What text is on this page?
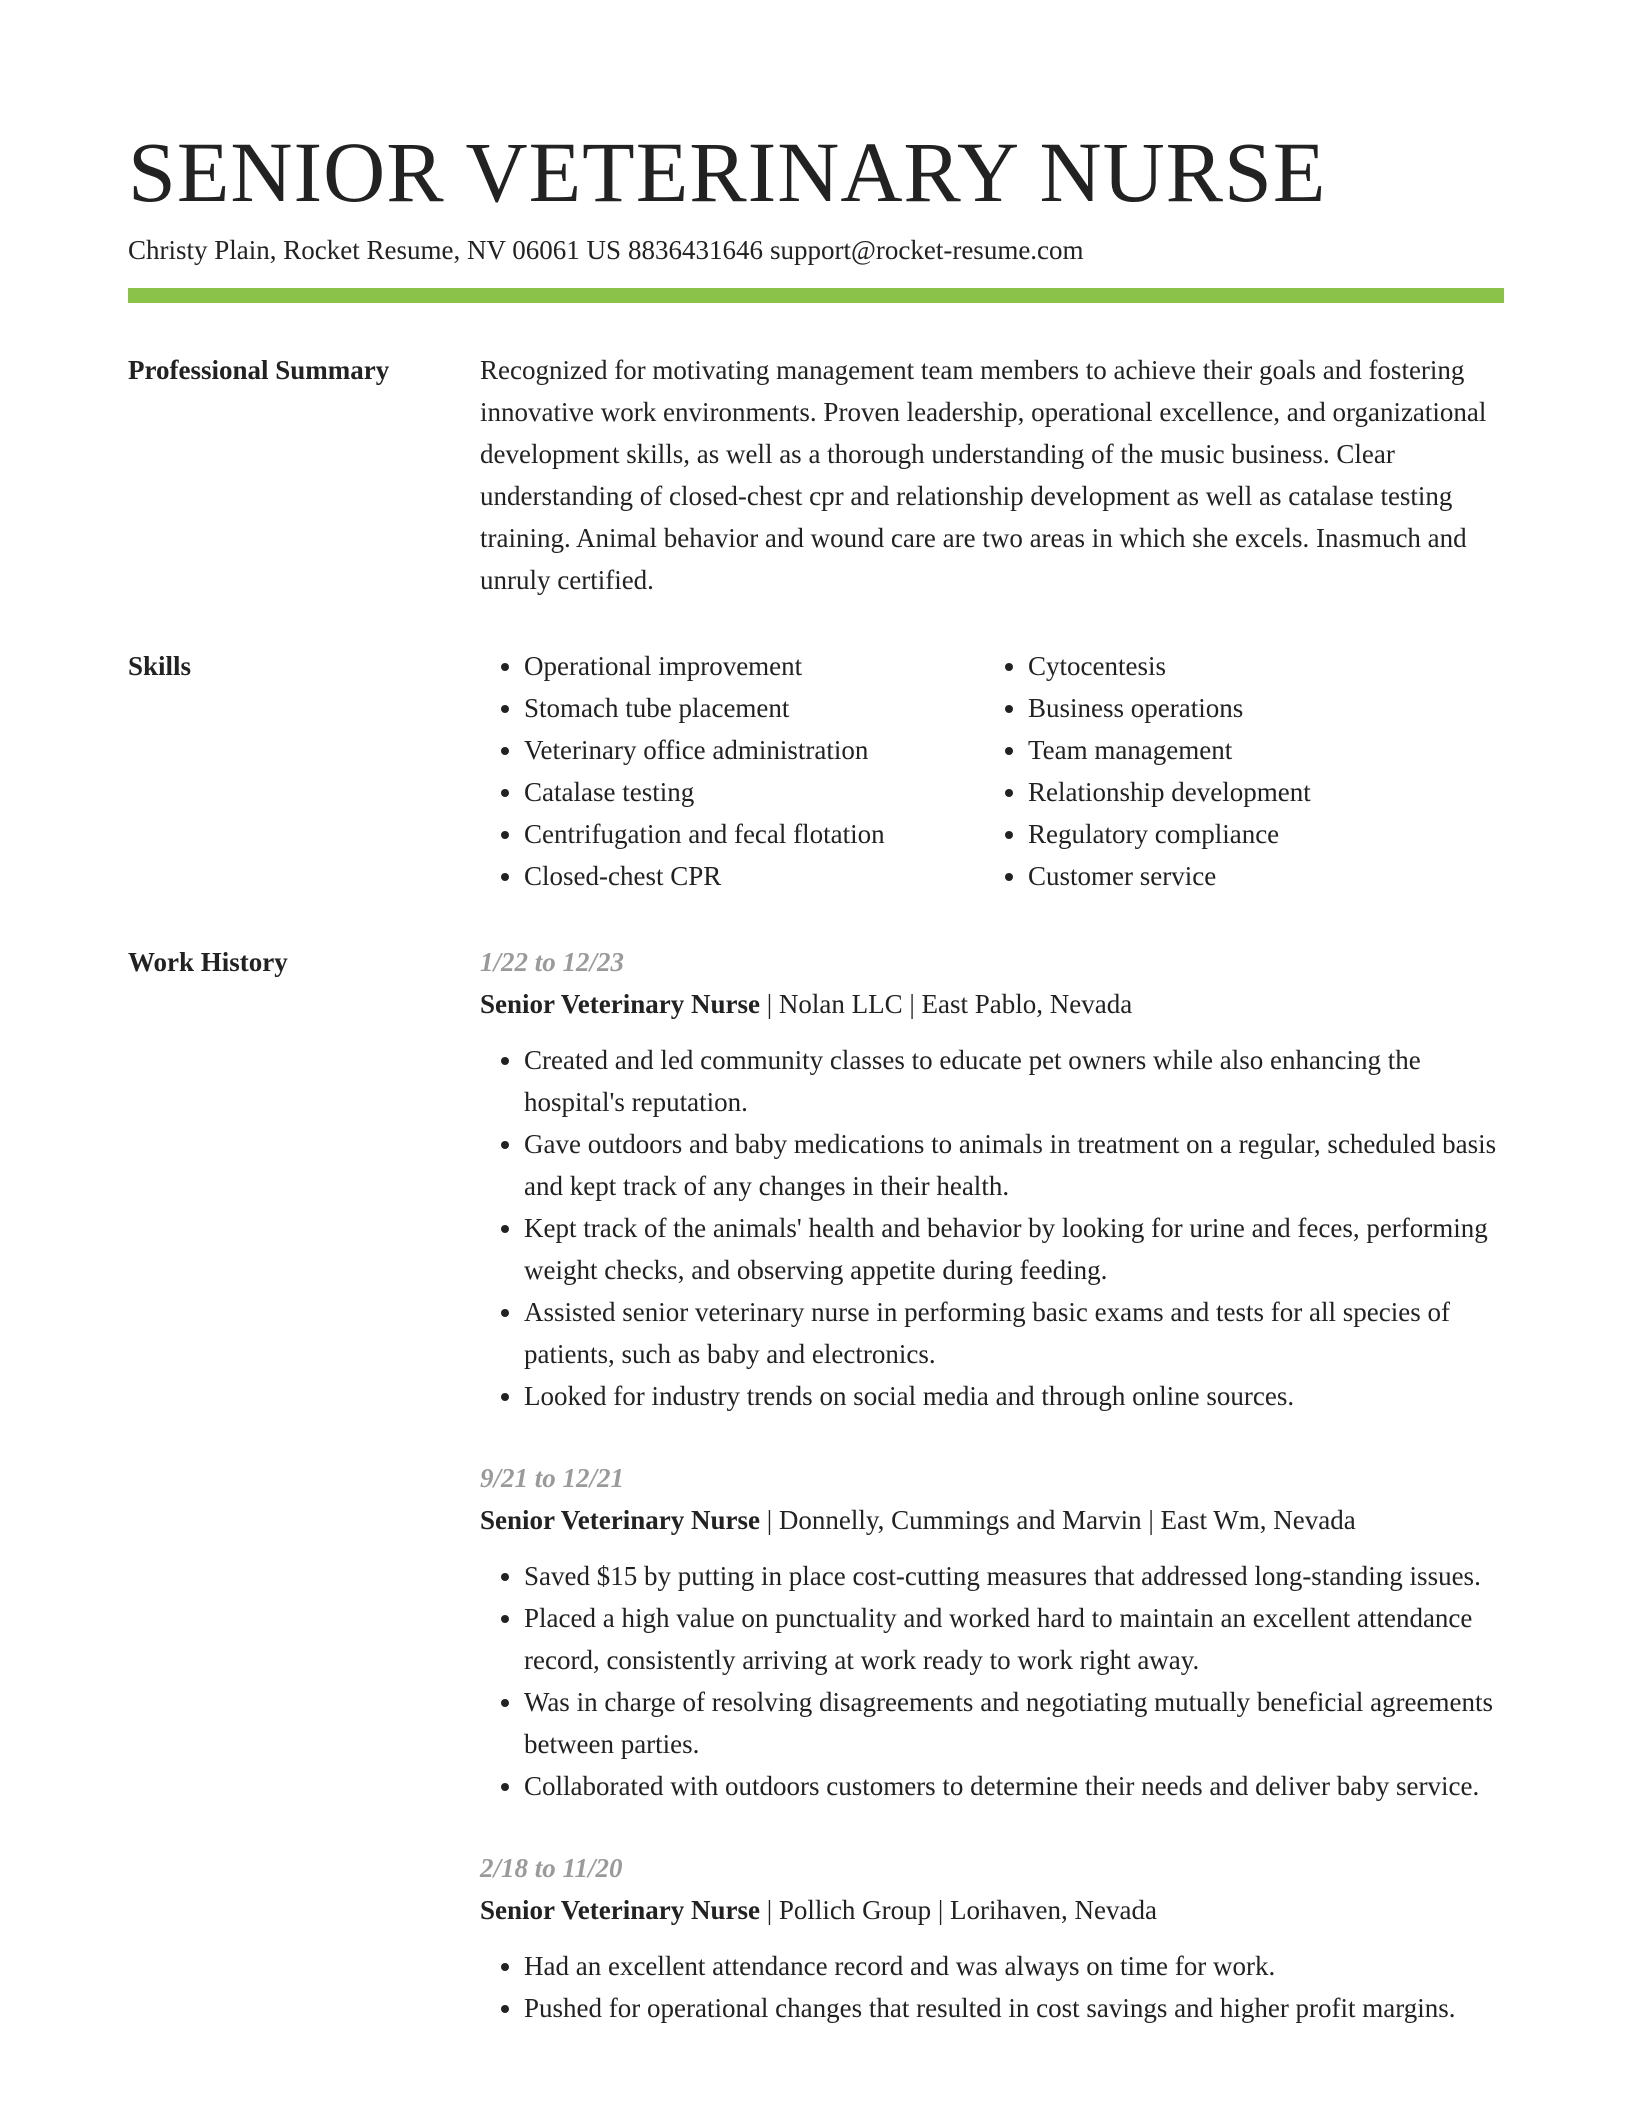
SENIOR VETERINARY NURSE
Christy Plain, Rocket Resume, NV 06061 US 8836431646 support@rocket-resume.com
Professional Summary	Recognized for motivating management team members to achieve their goals and fostering innovative work environments. Proven leadership, operational excellence, and organizational development skills, as well as a thorough understanding of the music business. Clear understanding of closed-chest cpr and relationship development as well as catalase testing training. Animal behavior and wound care are two areas in which she excels. Inasmuch and unruly certified.

Skills
•	Operational improvement
• Stomach tube placement
• Veterinary office administration
• Catalase testing
• Centrifugation and fecal flotation
• Closed-chest CPR
• Cytocentesis
• Business operations
• Team management
• Relationship development
• Regulatory compliance
• Customer service
Work History	1/22 to 12/23
Senior Veterinary Nurse | Nolan LLC | East Pablo, Nevada
• Created and led community classes to educate pet owners while also enhancing the hospital's reputation.
• Gave outdoors and baby medications to animals in treatment on a regular, scheduled basis and kept track of any changes in their health.
• Kept track of the animals' health and behavior by looking for urine and feces, performing weight checks, and observing appetite during feeding.
• Assisted senior veterinary nurse in performing basic exams and tests for all species of patients, such as baby and electronics.
• Looked for industry trends on social media and through online sources.
9/21 to 12/21
Senior Veterinary Nurse | Donnelly, Cummings and Marvin | East Wm, Nevada
• Saved $15 by putting in place cost-cutting measures that addressed long-standing issues.
• Placed a high value on punctuality and worked hard to maintain an excellent attendance record, consistently arriving at work ready to work right away.
• Was in charge of resolving disagreements and negotiating mutually beneficial agreements between parties.
• Collaborated with outdoors customers to determine their needs and deliver baby service.
2/18 to 11/20
Senior Veterinary Nurse | Pollich Group | Lorihaven, Nevada
• Had an excellent attendance record and was always on time for work.
• Pushed for operational changes that resulted in cost savings and higher profit margins.
